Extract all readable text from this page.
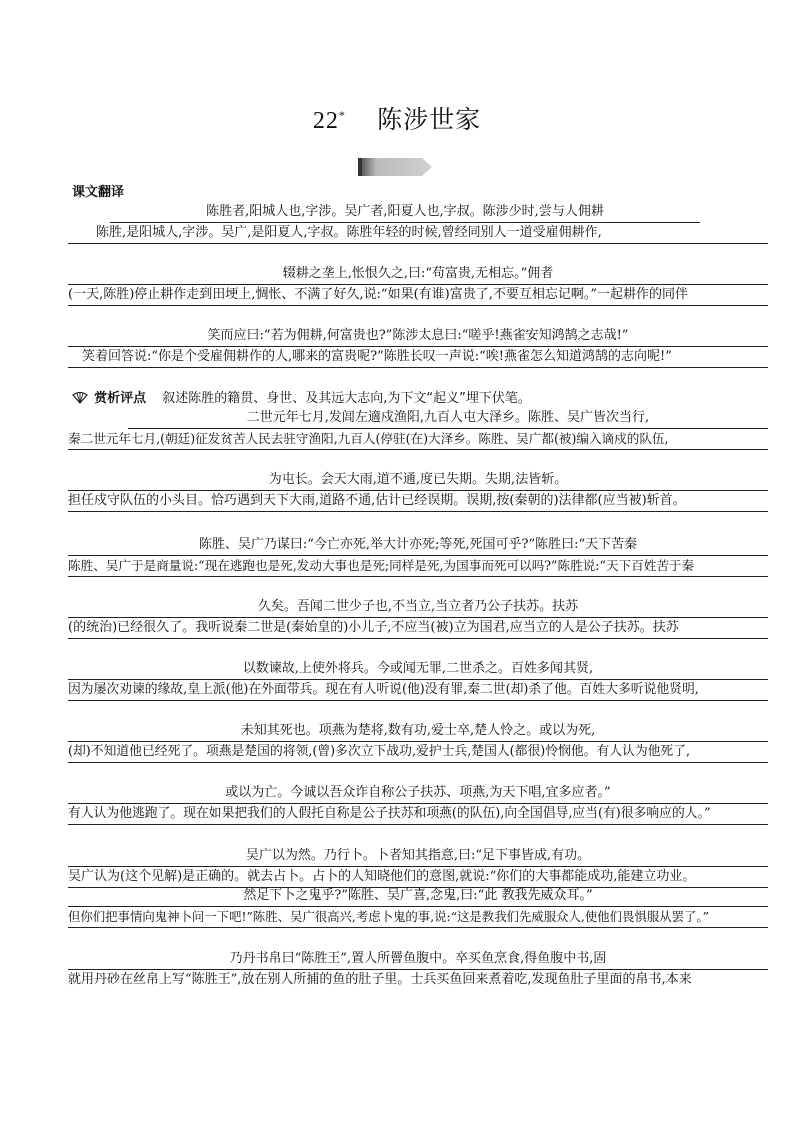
22* 陈涉世家
课文翻译
陈胜者,阳城人也,字涉。吴广者,阳夏人也,字叔。陈涉少时,尝与人佣耕
陈胜,是阳城人,字涉。吴广,是阳夏人,字叔。陈胜年轻的时候,曾经同别人一道受雇佣耕作,
辍耕之垄上,怅恨久之,曰:“苟富贵,无相忘。”佣者
(一天,陈胜)停止耕作走到田埂上,惆怅、不满了好久,说:“如果(有谁)富贵了,不要互相忘记啊。”一起耕作的同伴
笑而应曰:“若为佣耕,何富贵也?”陈涉太息曰:“嗟乎!燕雀安知鸿鹄之志哉!”
笑着回答说:“你是个受雇佣耕作的人,哪来的富贵呢?”陈胜长叹一声说:“唉!燕雀怎么知道鸿鹄的志向呢!”
赏析评点 叙述陈胜的籍贯、身世、及其远大志向,为下文“起义”埋下伏笔。
二世元年七月,发闾左適戍渔阳,九百人屯大泽乡。陈胜、吴广皆次当行,
秦二世元年七月,(朝廷)征发贫苦人民去驻守渔阳,九百人(停驻(在)大泽乡。陈胜、吴广都(被)编入谪戍的队伍,
为屯长。会天大雨,道不通,度已失期。失期,法皆斩。
担任戍守队伍的小头目。恰巧遇到天下大雨,道路不通,估计已经误期。误期,按(秦朝的)法律都(应当被)斩首。
陈胜、吴广乃谋曰:“今亡亦死,举大计亦死;等死,死国可乎?”陈胜曰:“天下苦秦
陈胜、吴广于是商量说:“现在逃跑也是死,发动大事也是死;同样是死,为国事而死可以吗?”陈胜说:“天下百姓苦于秦
久矣。吾闻二世少子也,不当立,当立者乃公子扶苏。扶苏
(的统治)已经很久了。我听说秦二世是(秦始皇的)小儿子,不应当(被)立为国君,应当立的人是公子扶苏。扶苏
以数谏故,上使外将兵。今或闻无罪,二世杀之。百姓多闻其贤,
因为屡次劝谏的缘故,皇上派(他)在外面带兵。现在有人听说(他)没有罪,秦二世(却)杀了他。百姓大多听说他贤明,
未知其死也。项燕为楚将,数有功,爱士卒,楚人怜之。或以为死,
(却)不知道他已经死了。项燕是楚国的将领,(曾)多次立下战功,爱护士兵,楚国人(都很)怜悯他。有人认为他死了,
或以为亡。今诚以吾众诈自称公子扶苏、项燕,为天下唱,宜多应者。”
有人认为他逃跑了。现在如果把我们的人假托自称是公子扶苏和项燕(的队伍),向全国倡导,应当(有)很多响应的人。”
吴广以为然。乃行卜。卜者知其指意,曰:“足下事皆成,有功。
吴广认为(这个见解)是正确的。就去占卜。占卜的人知晓他们的意图,就说:“你们的大事都能成功,能建立功业。
然足下卜之鬼乎?”陈胜、吴广喜,念鬼,曰:“此 教我先威众耳。”
但你们把事情向鬼神卜问一下吧!”陈胜、吴广很高兴,考虑卜鬼的事,说:“这是教我们先威服众人,使他们畏惧服从罢了。”
乃丹书帛曰“陈胜王”,置人所罾鱼腹中。卒买鱼烹食,得鱼腹中书,固
就用丹砂在丝帛上写“陈胜王”,放在别人所捕的鱼的肚子里。士兵买鱼回来煮着吃,发现鱼肚子里面的帛书,本来
